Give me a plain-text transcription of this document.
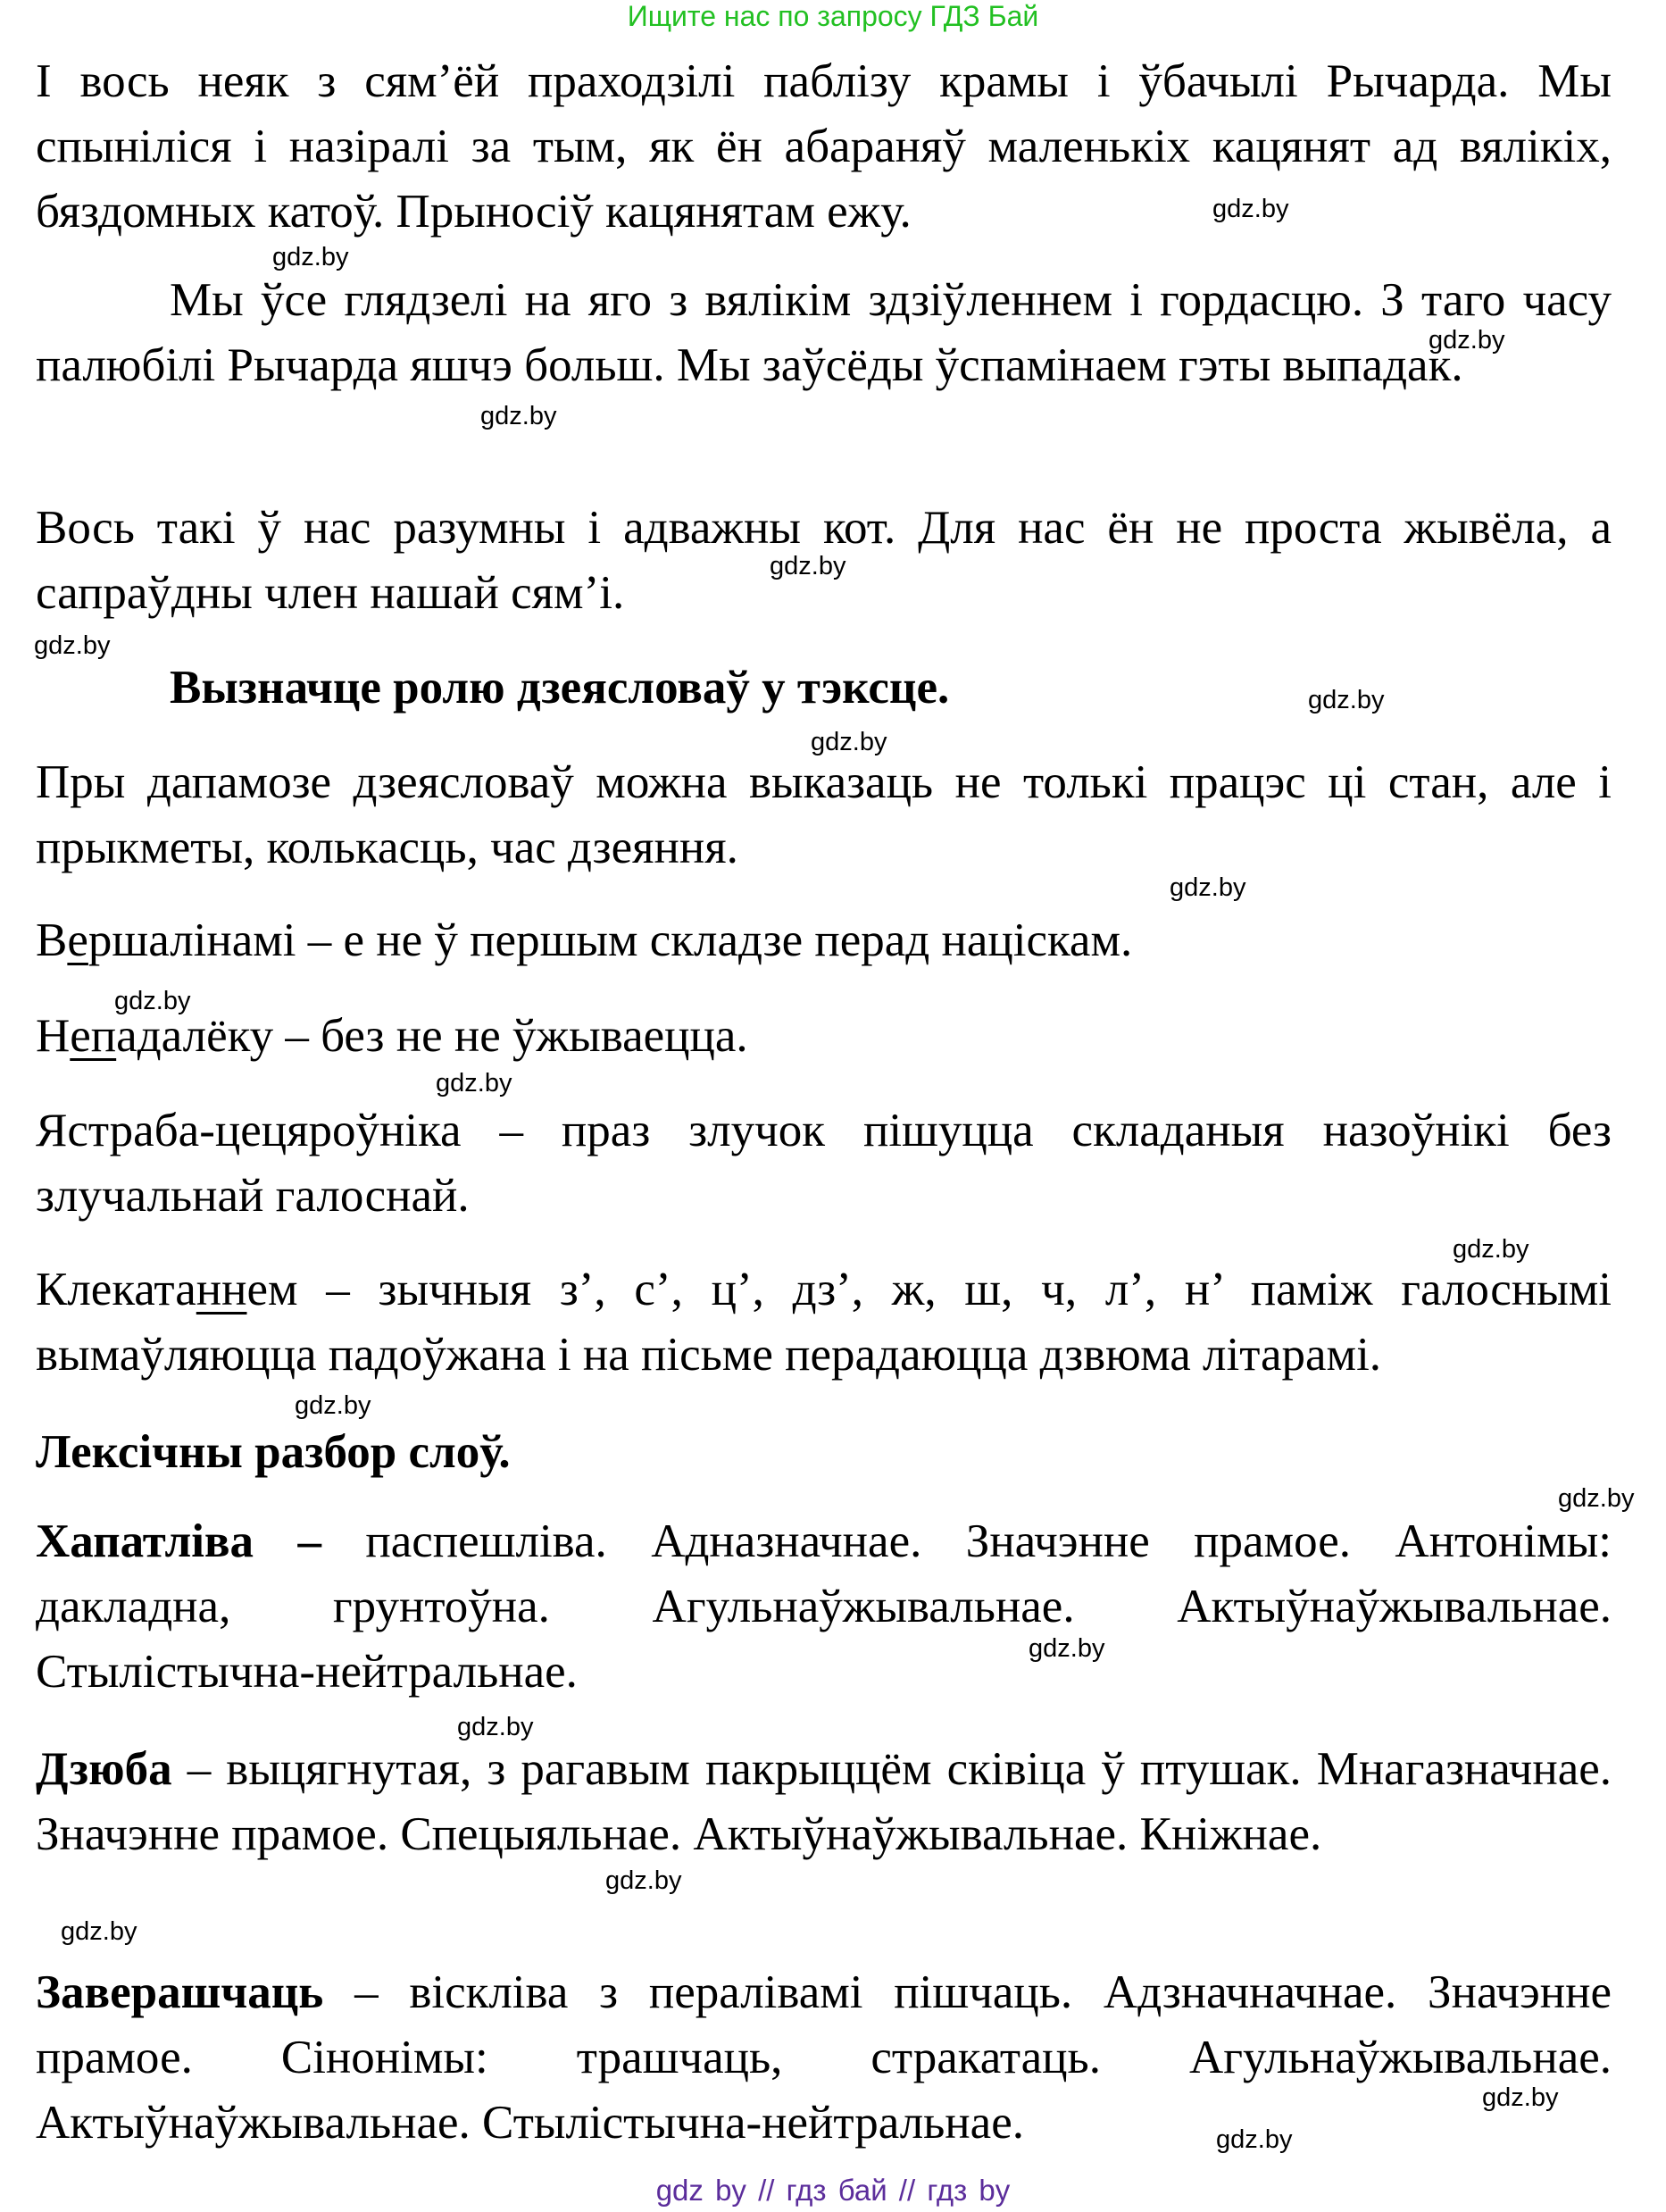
Ищите нас по запросу ГДЗ Бай
І вось неяк з сям’ёй праходзілі паблізу крамы і ўбачылі Рычарда. Мы спыніліся і назіралі за тым, як ён абараняў маленькіх кацянят ад вялікіх, бяздомных катоў. Прыносіў кацянятам ежу.	gdz.by
gdz.by
Мы ўсе глядзелі на яго з вялікім здзіўленнем і гордасцю. З таго часу палюбілі Рычарда яшчэ больш. Мы заўсёды ўспамінаем гэты выпадак.
gdz.by
gdz.by
Вось такі ў нас разумны і адважны кот. Для нас ён не проста жывёла, а сапраўдны член нашай сям’і.
gdz.by
gdz.by
Вызначце ролю дзеясловаў у тэксце.	gdz.by
gdz.by
Пры дапамозе дзеясловаў можна выказаць не толькі працэс ці стан, але і прыкметы, колькасць, час дзеяння.
gdz.by
Вершалінамі – е не ў першым складзе перад націскам.
gdz.by
Непадалёку – без не не ўжываецца.
gdz.by
Ястраба-цецяроўніка – праз злучок пішуцца складаныя назоўнікі без злучальнай галоснай.
gdz.by
Клекатаннем – зычныя з’, с’, ц’, дз’, ж, ш, ч, л’, н’ паміж галоснымі вымаўляюцца падоўжана і на пісьме перадаюцца дзвюма літарамі.
gdz.by
Лексічны разбор слоў.
gdz.by
Хапатліва – паспешліва. Адназначнае. Значэнне прамое. Антонімы: дакладна, грунтоўна. Агульнаўжывальнае. Актыўнаўжывальнае. Стылістычна-нейтральнае.	gdz.by
gdz.by
Дзюба – выцягнутая, з рагавым пакрыццём сківіца ў птушак. Мнагазначнае. Значэнне прамое. Спецыяльнае. Актыўнаўжывальнае. Кніжнае.
gdz.by
gdz.by
Заверашчаць – віскліва з пералівамі пішчаць. Адзначначнае. Значэнне прамое. Сінонімы: трашчаць, стракатаць. Агульнаўжывальнае. Актыўнаўжывальнае. Стылістычна-нейтральнае.	gdz.by
gdz.by
gdz by // гдз бай // гдз by
